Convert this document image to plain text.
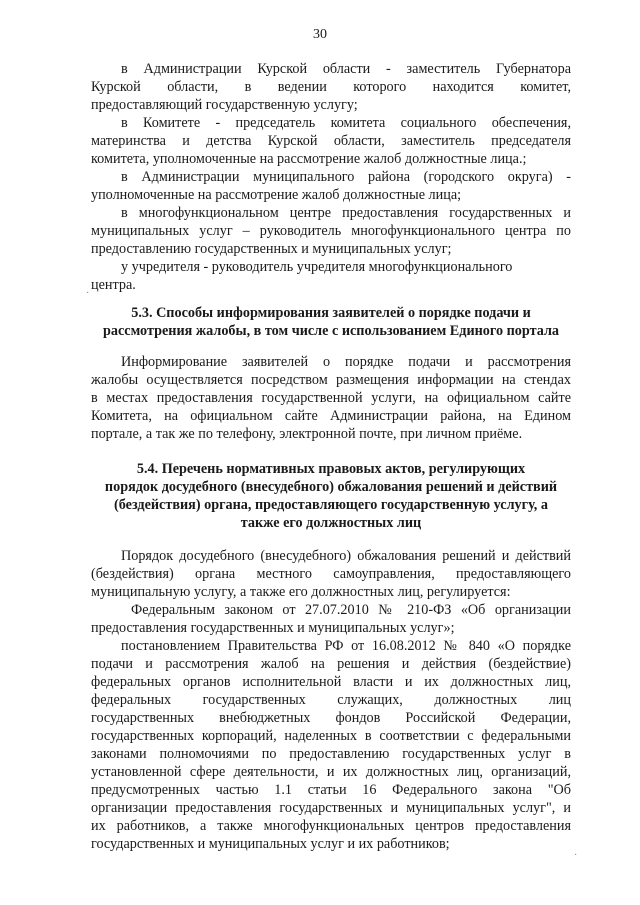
30
в Администрации Курской области - заместитель Губернатора
Курской области, в ведении которого находится комитет,
предоставляющий государственную услугу;
в Комитете - председатель комитета социального обеспечения,
материнства и детства Курской области, заместитель председателя
комитета, уполномоченные на рассмотрение жалоб должностные лица.;
в Администрации муниципального района (городского округа) -
уполномоченные на рассмотрение жалоб должностные лица;
в многофункциональном центре предоставления государственных и
муниципальных услуг – руководитель многофункционального центра по
предоставлению государственных и муниципальных услуг;
у учредителя - руководитель учредителя многофункционального
центра.
5.3. Способы информирования заявителей о порядке подачи и
рассмотрения жалобы, в том числе с использованием Единого портала
Информирование заявителей о порядке подачи и рассмотрения
жалобы осуществляется посредством размещения информации на стендах
в местах предоставления государственной услуги, на официальном сайте
Комитета, на официальном сайте Администрации района, на Едином
портале, а так же по телефону, электронной почте, при личном приёме.
5.4. Перечень нормативных правовых актов, регулирующих
порядок досудебного (внесудебного) обжалования решений и действий
(бездействия) органа, предоставляющего государственную услугу, а
также его должностных лиц
Порядок досудебного (внесудебного) обжалования решений и действий
(бездействия) органа местного самоуправления, предоставляющего
муниципальную услугу, а также его должностных лиц, регулируется:
Федеральным законом от 27.07.2010 № 210-ФЗ «Об организации
предоставления государственных и муниципальных услуг»;
постановлением Правительства РФ от 16.08.2012 № 840 «О порядке
подачи и рассмотрения жалоб на решения и действия (бездействие)
федеральных органов исполнительной власти и их должностных лиц,
федеральных государственных служащих, должностных лиц
государственных внебюджетных фондов Российской Федерации,
государственных корпораций, наделенных в соответствии с федеральными
законами полномочиями по предоставлению государственных услуг в
установленной сфере деятельности, и их должностных лиц, организаций,
предусмотренных частью 1.1 статьи 16 Федерального закона "Об
организации предоставления государственных и муниципальных услуг", и
их работников, а также многофункциональных центров предоставления
государственных и муниципальных услуг и их работников;
·
·
